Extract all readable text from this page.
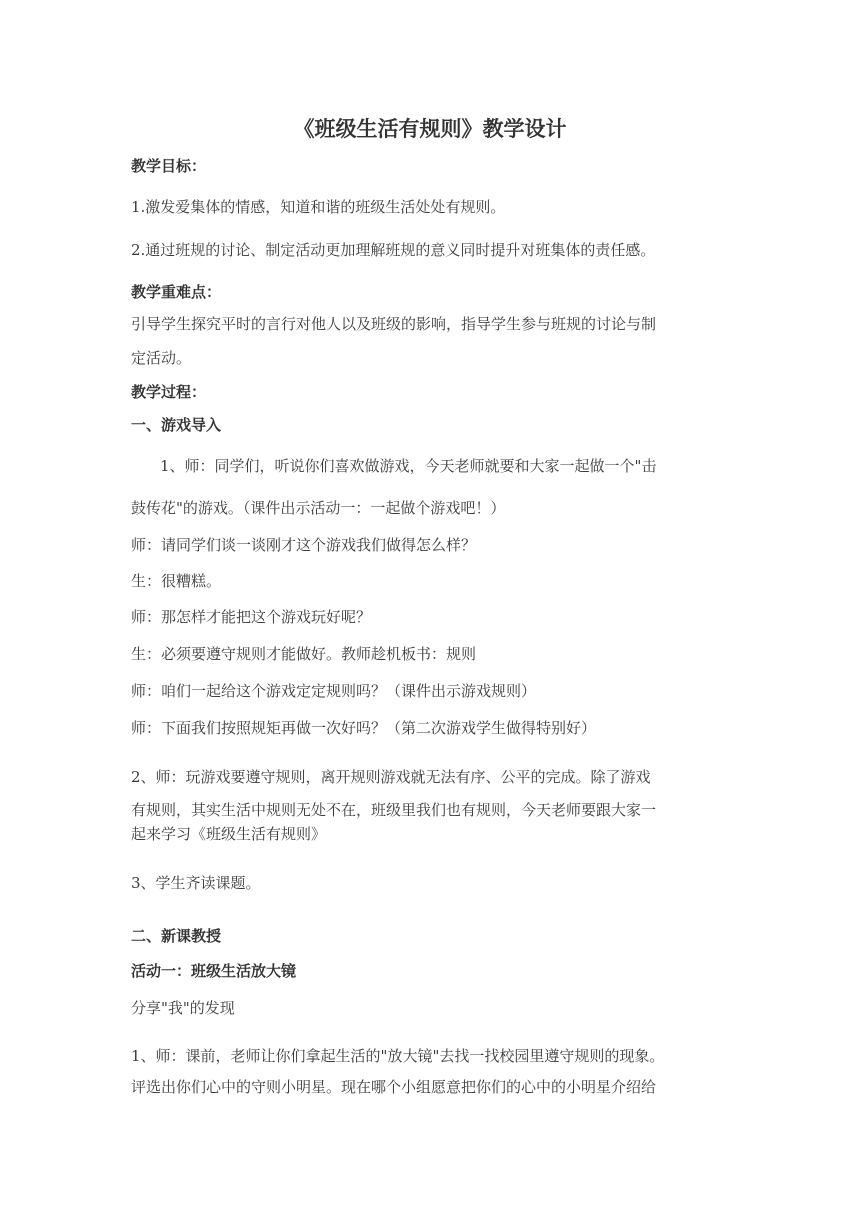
《班级生活有规则》教学设计
教学目标：
1.激发爱集体的情感，知道和谐的班级生活处处有规则。
2.通过班规的讨论、制定活动更加理解班规的意义同时提升对班集体的责任感。
教学重难点：
引导学生探究平时的言行对他人以及班级的影响，指导学生参与班规的讨论与制
定活动。
教学过程：
一、游戏导入
1、师：同学们，听说你们喜欢做游戏，今天老师就要和大家一起做一个"击
鼓传花"的游戏。（课件出示活动一：一起做个游戏吧！）
师：请同学们谈一谈刚才这个游戏我们做得怎么样？
生：很糟糕。
师：那怎样才能把这个游戏玩好呢？
生：必须要遵守规则才能做好。教师趁机板书：规则
师：咱们一起给这个游戏定定规则吗？（课件出示游戏规则）
师：下面我们按照规矩再做一次好吗？（第二次游戏学生做得特别好）
2、师：玩游戏要遵守规则，离开规则游戏就无法有序、公平的完成。除了游戏
有规则，其实生活中规则无处不在，班级里我们也有规则，今天老师要跟大家一
起来学习《班级生活有规则》
3、学生齐读课题。
二、新课教授
活动一：班级生活放大镜
分享"我"的发现
1、师：课前，老师让你们拿起生活的"放大镜"去找一找校园里遵守规则的现象。
评选出你们心中的守则小明星。现在哪个小组愿意把你们的心中的小明星介绍给
